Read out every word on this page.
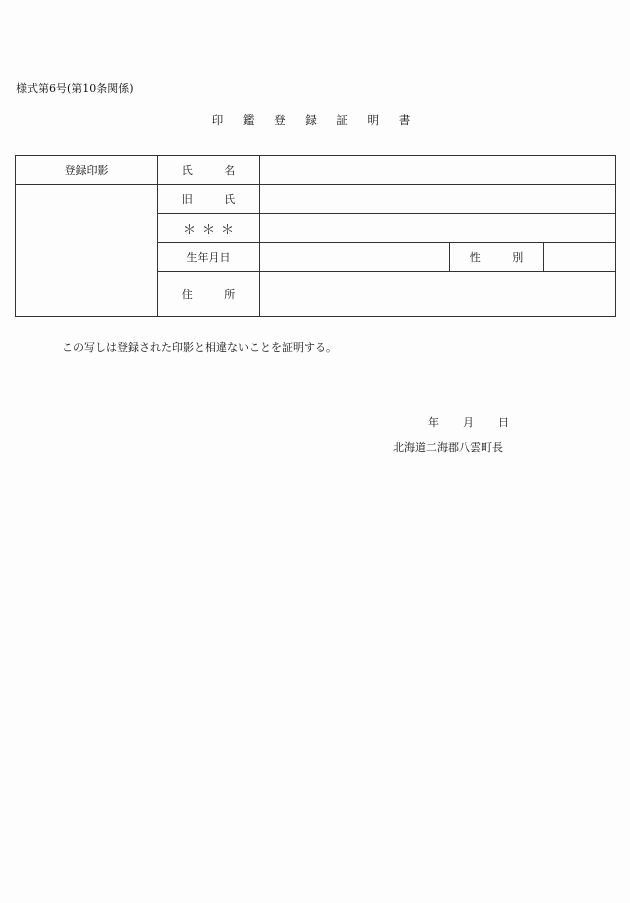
様式第6号(第10条関係)
印 鑑 登 録 証 明 書
登録印影	氏 名			
	旧 氏			
	＊＊＊			
	生年月日		性 別	
	住 所			
この写しは登録された印影と相違ないことを証明する。
年 月 日
北海道二海郡八雲町長
